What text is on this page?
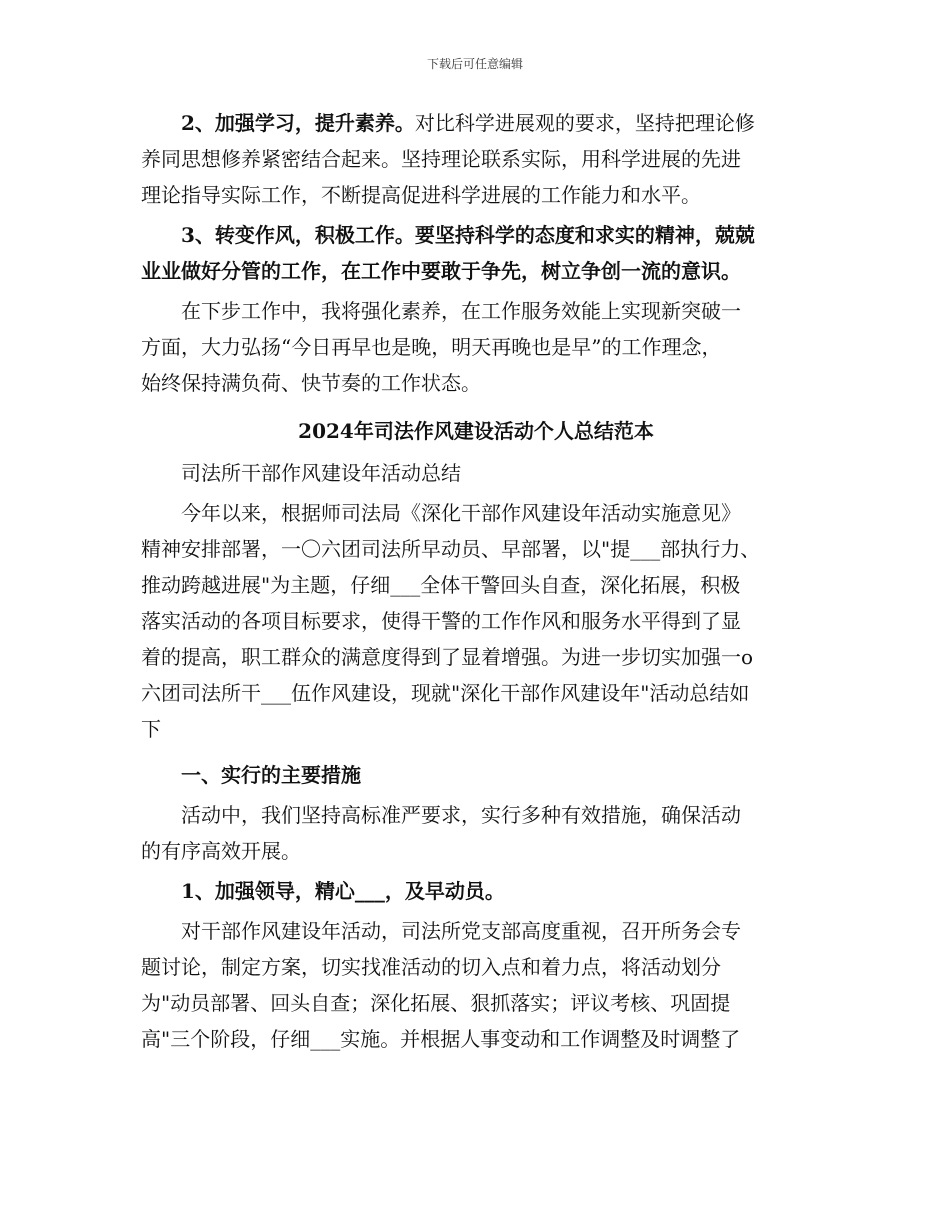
下载后可任意编辑

2、加强学习，提升素养。对比科学进展观的要求，坚持把理论修

养同思想修养紧密结合起来。坚持理论联系实际，用科学进展的先进

理论指导实际工作，不断提高促进科学进展的工作能力和水平。

3、转变作风，积极工作。要坚持科学的态度和求实的精神，兢兢

业业做好分管的工作，在工作中要敢于争先，树立争创一流的意识。

在下步工作中，我将强化素养，在工作服务效能上实现新突破一

方面，大力弘扬“今日再早也是晚，明天再晚也是早”的工作理念，

始终保持满负荷、快节奏的工作状态。

2024年司法作风建设活动个人总结范本

司法所干部作风建设年活动总结

今年以来，根据师司法局《深化干部作风建设年活动实施意见》

精神安排部署，一〇六团司法所早动员、早部署，以"提___部执行力、

推动跨越进展"为主题，仔细___全体干警回头自查，深化拓展，积极

落实活动的各项目标要求，使得干警的工作作风和服务水平得到了显

着的提高，职工群众的满意度得到了显着增强。为进一步切实加强一ο

六团司法所干___伍作风建设，现就"深化干部作风建设年"活动总结如

下

一、实行的主要措施

活动中，我们坚持高标准严要求，实行多种有效措施，确保活动

的有序高效开展。

1、加强领导，精心___，及早动员。

对干部作风建设年活动，司法所党支部高度重视，召开所务会专

题讨论，制定方案，切实找准活动的切入点和着力点，将活动划分

为"动员部署、回头自查；深化拓展、狠抓落实；评议考核、巩固提

高"三个阶段，仔细___实施。并根据人事变动和工作调整及时调整了
